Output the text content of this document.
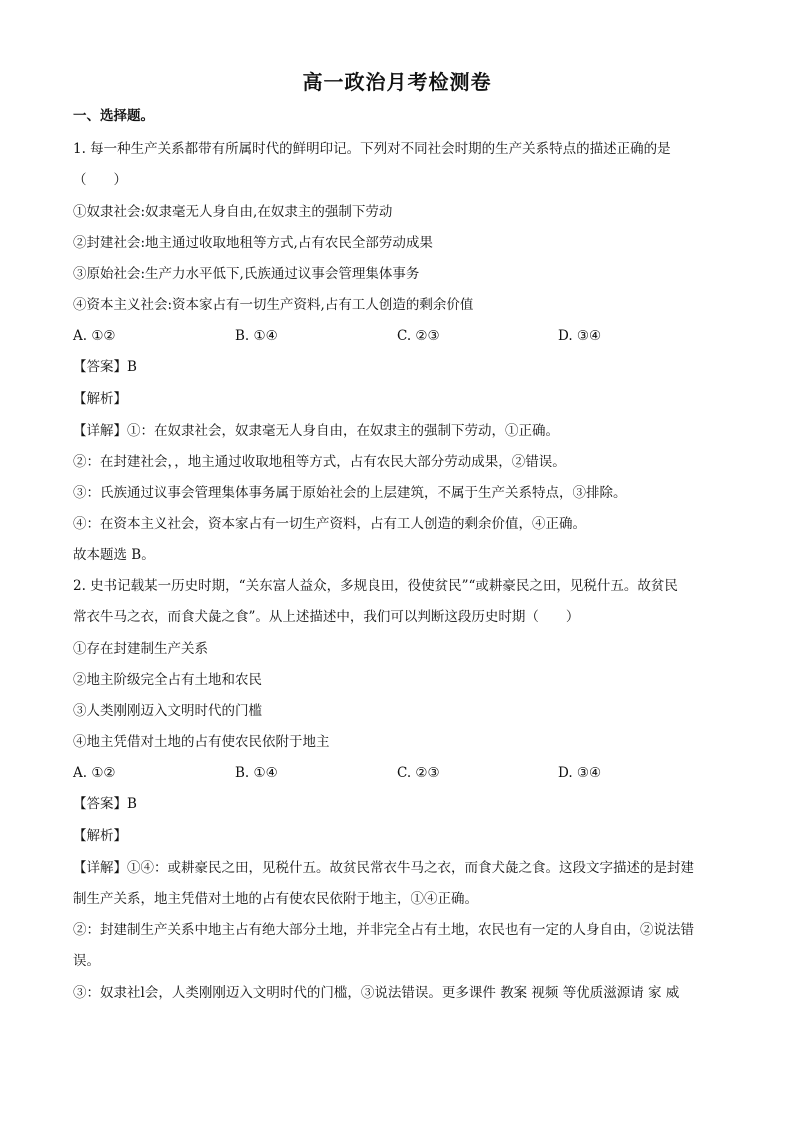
高一政治月考检测卷
一、选择题。
1. 每一种生产关系都带有所属时代的鲜明印记。下列对不同社会时期的生产关系特点的描述正确的是
（　　）
①奴隶社会:奴隶毫无人身自由,在奴隶主的强制下劳动
②封建社会:地主通过收取地租等方式,占有农民全部劳动成果
③原始社会:生产力水平低下,氏族通过议事会管理集体事务
④资本主义社会:资本家占有一切生产资料,占有工人创造的剩余价值
A. ①②	B. ①④	C. ②③	D. ③④
【答案】B
【解析】
【详解】①：在奴隶社会，奴隶毫无人身自由，在奴隶主的强制下劳动，①正确。
②：在封建社会，，地主通过收取地租等方式，占有农民大部分劳动成果，②错误。
③：氏族通过议事会管理集体事务属于原始社会的上层建筑，不属于生产关系特点，③排除。
④：在资本主义社会，资本家占有一切生产资料，占有工人创造的剩余价值，④正确。
故本题选 B。
2. 史书记载某一历史时期，“关东富人益众，多规良田，役使贫民”“或耕豪民之田，见税什五。故贫民
常衣牛马之衣，而食犬彘之食”。从上述描述中，我们可以判断这段历史时期（　　）
①存在封建制生产关系
②地主阶级完全占有土地和农民
③人类刚刚迈入文明时代的门槛
④地主凭借对土地的占有使农民依附于地主
A. ①②	B. ①④	C. ②③	D. ③④
【答案】B
【解析】
【详解】①④：或耕豪民之田，见税什五。故贫民常衣牛马之衣，而食犬彘之食。这段文字描述的是封建
制生产关系，地主凭借对土地的占有使农民依附于地主，①④正确。
②：封建制生产关系中地主占有绝大部分土地，并非完全占有土地，农民也有一定的人身自由，②说法错
误。
③：奴隶社l会，人类刚刚迈入文明时代的门槛，③说法错误。更多课件 教案 视频 等优质滋源请 家 威
